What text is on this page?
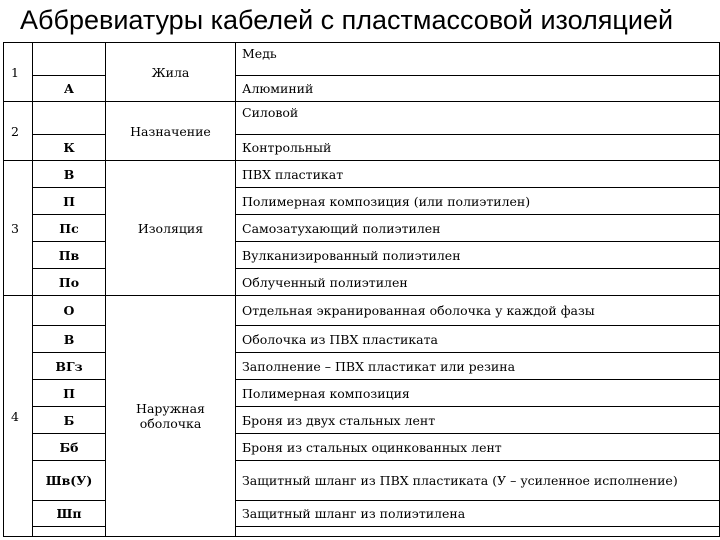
Аббревиатуры кабелей с пластмассовой изоляцией
1		Жила	Медь
	А		Алюминий
2		Назначение	Силовой
	К		Контрольный
3	В	Изоляция	ПВХ пластикат
	П		Полимерная композиция (или полиэтилен)
	Пс		Самозатухающий полиэтилен
	Пв		Вулканизированный полиэтилен
	По		Облученный полиэтилен
4	О	Наружная оболочка	Отдельная экранированная оболочка у каждой фазы
	В		Оболочка из ПВХ пластиката
	ВГз		Заполнение – ПВХ пластикат или резина
	П		Полимерная композиция
	Б		Броня из двух стальных лент
	Бб		Броня из стальных оцинкованных лент
	Шв(У)		Защитный шланг из ПВХ пластиката (У – усиленное исполнение)
	Шп		Защитный шланг из полиэтилена
